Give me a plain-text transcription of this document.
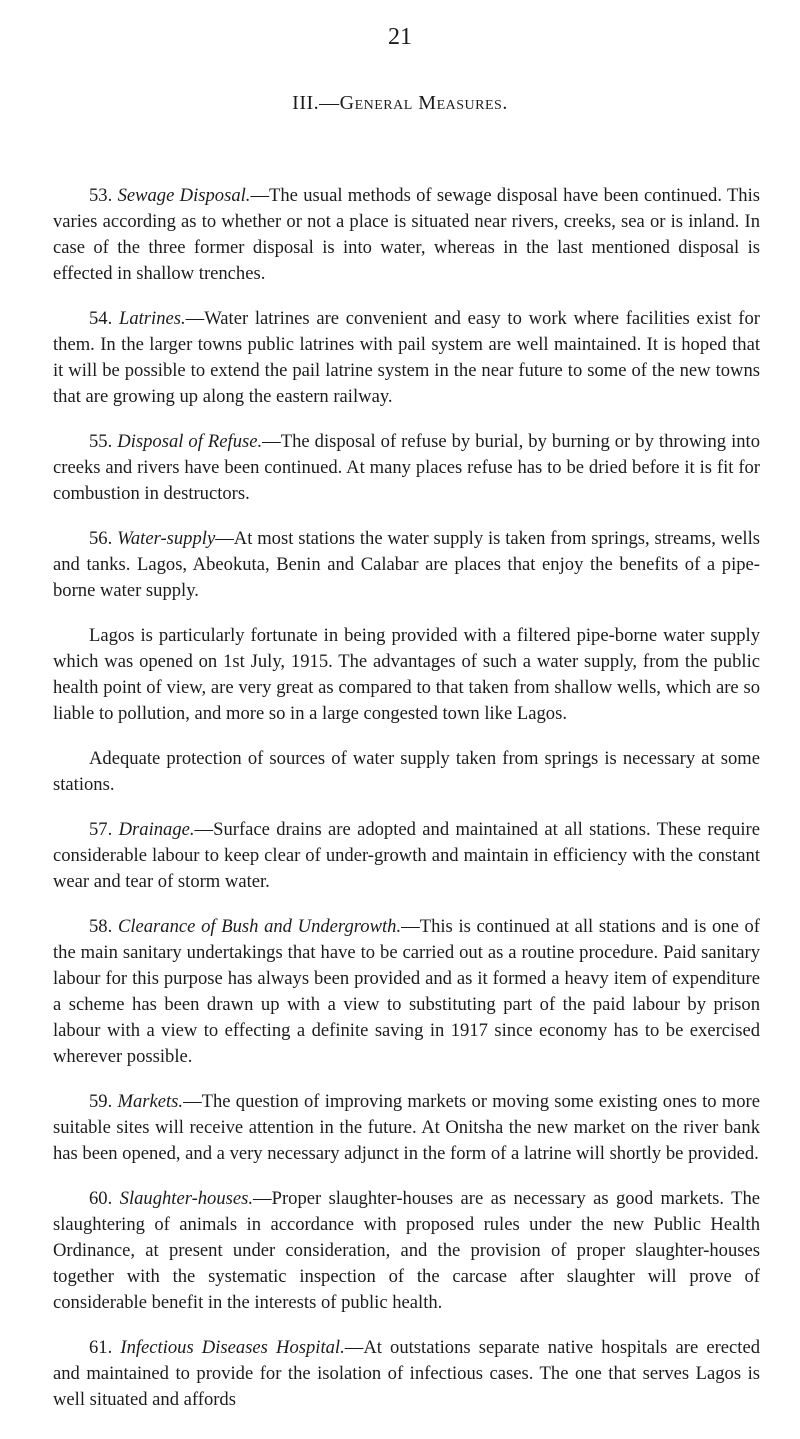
21
III.—General Measures.

53. Sewage Disposal.—The usual methods of sewage disposal have been continued. This varies according as to whether or not a place is situated near rivers, creeks, sea or is inland. In case of the three former disposal is into water, whereas in the last mentioned disposal is effected in shallow trenches.

54. Latrines.—Water latrines are convenient and easy to work where facilities exist for them. In the larger towns public latrines with pail system are well maintained. It is hoped that it will be possible to extend the pail latrine system in the near future to some of the new towns that are growing up along the eastern railway.

55. Disposal of Refuse.—The disposal of refuse by burial, by burning or by throwing into creeks and rivers have been continued. At many places refuse has to be dried before it is fit for combustion in destructors.

56. Water-supply—At most stations the water supply is taken from springs, streams, wells and tanks. Lagos, Abeokuta, Benin and Calabar are places that enjoy the benefits of a pipe-borne water supply.

Lagos is particularly fortunate in being provided with a filtered pipe-borne water supply which was opened on 1st July, 1915. The advantages of such a water supply, from the public health point of view, are very great as compared to that taken from shallow wells, which are so liable to pollution, and more so in a large congested town like Lagos.

Adequate protection of sources of water supply taken from springs is necessary at some stations.

57. Drainage.—Surface drains are adopted and maintained at all stations. These require considerable labour to keep clear of under-growth and maintain in efficiency with the constant wear and tear of storm water.

58. Clearance of Bush and Undergrowth.—This is continued at all stations and is one of the main sanitary undertakings that have to be carried out as a routine procedure. Paid sanitary labour for this purpose has always been provided and as it formed a heavy item of expenditure a scheme has been drawn up with a view to substituting part of the paid labour by prison labour with a view to effecting a definite saving in 1917 since economy has to be exercised wherever possible.

59. Markets.—The question of improving markets or moving some existing ones to more suitable sites will receive attention in the future. At Onitsha the new market on the river bank has been opened, and a very necessary adjunct in the form of a latrine will shortly be provided.

60. Slaughter-houses.—Proper slaughter-houses are as necessary as good markets. The slaughtering of animals in accordance with proposed rules under the new Public Health Ordinance, at present under consideration, and the provision of proper slaughter-houses together with the systematic inspection of the carcase after slaughter will prove of considerable benefit in the interests of public health.

61. Infectious Diseases Hospital.—At outstations separate native hospitals are erected and maintained to provide for the isolation of infectious cases. The one that serves Lagos is well situated and affords
